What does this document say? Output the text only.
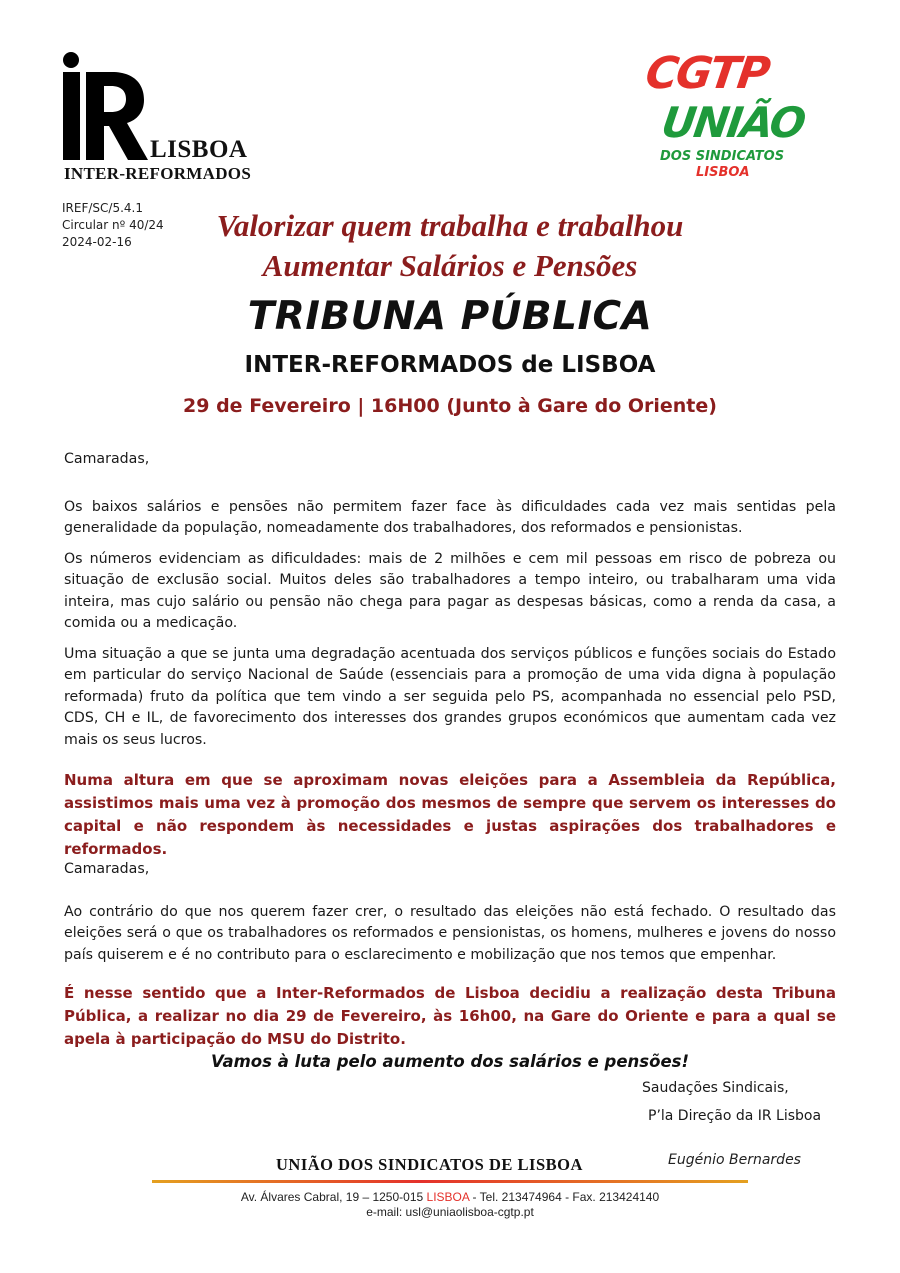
LISBOA
INTER-REFORMADOS
CGTP
UNIÃO
DOS SINDICATOS
LISBOA
IREF/SC/5.4.1
Circular nº 40/24
2024-02-16	Valorizar quem trabalha e trabalhou
Aumentar Salários e Pensões
TRIBUNA PÚBLICA
INTER-REFORMADOS de LISBOA
29 de Fevereiro | 16H00 (Junto à Gare do Oriente)
Camaradas,
Os baixos salários e pensões não permitem fazer face às dificuldades cada vez mais sentidas pela generalidade da população, nomeadamente dos trabalhadores, dos reformados e pensionistas.
Os números evidenciam as dificuldades: mais de 2 milhões e cem mil pessoas em risco de pobreza ou situação de exclusão social. Muitos deles são trabalhadores a tempo inteiro, ou trabalharam uma vida inteira, mas cujo salário ou pensão não chega para pagar as despesas básicas, como a renda da casa, a comida ou a medicação.
Uma situação a que se junta uma degradação acentuada dos serviços públicos e funções sociais do Estado em particular do serviço Nacional de Saúde (essenciais para a promoção de uma vida digna à população reformada) fruto da política que tem vindo a ser seguida pelo PS, acompanhada no essencial pelo PSD, CDS, CH e IL, de favorecimento dos interesses dos grandes grupos económicos que aumentam cada vez mais os seus lucros.
Numa altura em que se aproximam novas eleições para a Assembleia da República, assistimos mais uma vez à promoção dos mesmos de sempre que servem os interesses do capital e não respondem às necessidades e justas aspirações dos trabalhadores e reformados.
Camaradas,
Ao contrário do que nos querem fazer crer, o resultado das eleições não está fechado. O resultado das eleições será o que os trabalhadores os reformados e pensionistas, os homens, mulheres e jovens do nosso país quiserem e é no contributo para o esclarecimento e mobilização que nos temos que empenhar.
É nesse sentido que a Inter-Reformados de Lisboa decidiu a realização desta Tribuna Pública, a realizar no dia 29 de Fevereiro, às 16h00, na Gare do Oriente e para a qual se apela à participação do MSU do Distrito.
Vamos à luta pelo aumento dos salários e pensões!
Saudações Sindicais,
P’la Direção da IR Lisboa
UNIÃO DOS SINDICATOS DE LISBOA	Eugénio Bernardes
Av. Álvares Cabral, 19 – 1250-015 LISBOA - Tel. 213474964 - Fax. 213424140
e-mail: usl@uniaolisboa-cgtp.pt
